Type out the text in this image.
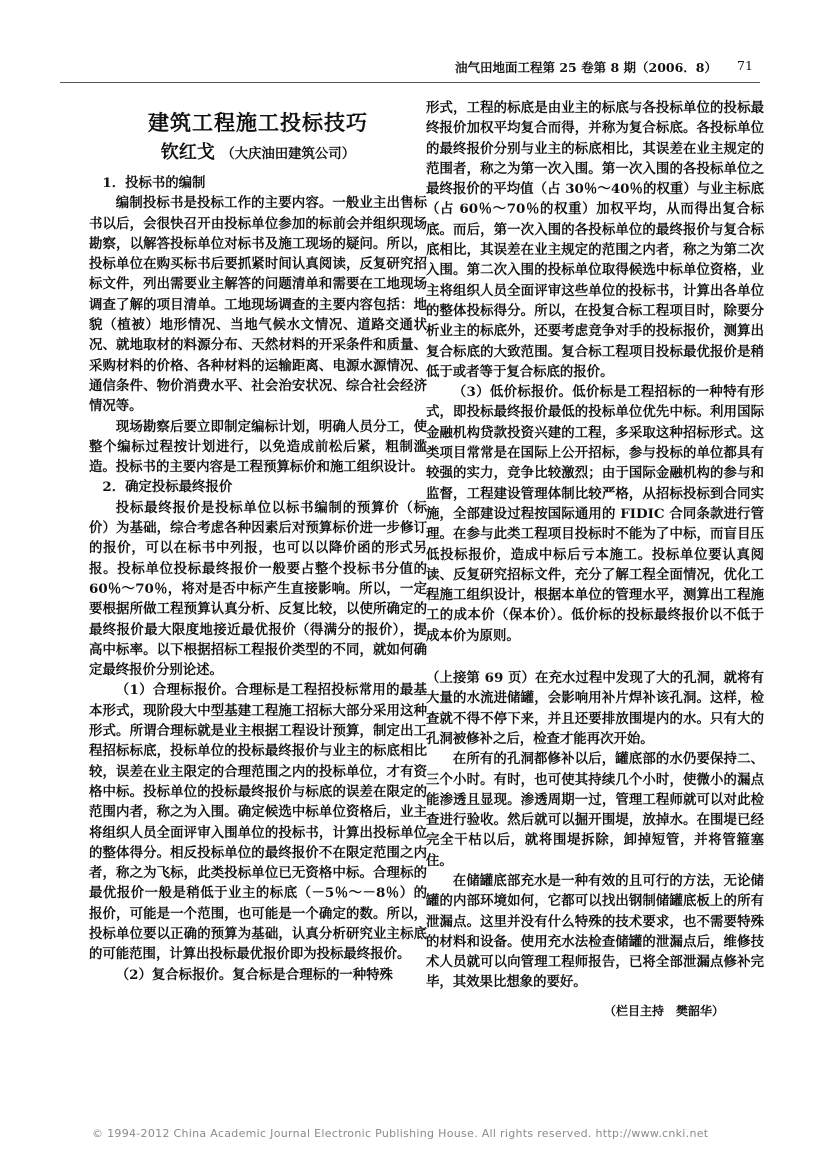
油气田地面工程第 25 卷第 8 期（2006．8） 71
建筑工程施工投标技巧
钦红戈 （大庆油田建筑公司）
1．投标书的编制

编制投标书是投标工作的主要内容。一般业主出售标书以后，会很快召开由投标单位参加的标前会并组织现场勘察，以解答投标单位对标书及施工现场的疑问。所以，投标单位在购买标书后要抓紧时间认真阅读，反复研究招标文件，列出需要业主解答的问题清单和需要在工地现场调查了解的项目清单。工地现场调查的主要内容包括：地貌（植被）地形情况、当地气候水文情况、道路交通状况、就地取材的料源分布、天然材料的开采条件和质量、采购材料的价格、各种材料的运输距离、电源水源情况、通信条件、物价消费水平、社会治安状况、综合社会经济情况等。

现场勘察后要立即制定编标计划，明确人员分工，使整个编标过程按计划进行，以免造成前松后紧，粗制滥造。投标书的主要内容是工程预算标价和施工组织设计。

2．确定投标最终报价

投标最终报价是投标单位以标书编制的预算价（标价）为基础，综合考虑各种因素后对预算标价进一步修订的报价，可以在标书中列报，也可以以降价函的形式另报。投标单位投标最终报价一般要占整个投标书分值的 60％～70％，将对是否中标产生直接影响。所以，一定要根据所做工程预算认真分析、反复比较，以使所确定的最终报价最大限度地接近最优报价（得满分的报价），提高中标率。以下根据招标工程报价类型的不同，就如何确定最终报价分别论述。

（1）合理标报价。合理标是工程招投标常用的最基本形式，现阶段大中型基建工程施工招标大部分采用这种形式。所谓合理标就是业主根据工程设计预算，制定出工程招标标底，投标单位的投标最终报价与业主的标底相比较，误差在业主限定的合理范围之内的投标单位，才有资格中标。投标单位的投标最终报价与标底的误差在限定的范围内者，称之为入围。确定候选中标单位资格后，业主将组织人员全面评审入围单位的投标书，计算出投标单位的整体得分。相反投标单位的最终报价不在限定范围之内者，称之为飞标，此类投标单位已无资格中标。合理标的最优报价一般是稍低于业主的标底（－5％～－8％）的报价，可能是一个范围，也可能是一个确定的数。所以，投标单位要以正确的预算为基础，认真分析研究业主标底的可能范围，计算出投标最优报价即为投标最终报价。

（2）复合标报价。复合标是合理标的一种特殊

形式，工程的标底是由业主的标底与各投标单位的投标最终报价加权平均复合而得，并称为复合标底。各投标单位的最终报价分别与业主的标底相比，其误差在业主规定的范围者，称之为第一次入围。第一次入围的各投标单位之最终报价的平均值（占 30％～40％的权重）与业主标底（占 60％～70％的权重）加权平均，从而得出复合标底。而后，第一次入围的各投标单位的最终报价与复合标底相比，其误差在业主规定的范围之内者，称之为第二次入围。第二次入围的投标单位取得候选中标单位资格，业主将组织人员全面评审这些单位的投标书，计算出各单位的整体投标得分。所以，在投复合标工程项目时，除要分析业主的标底外，还要考虑竞争对手的投标报价，测算出复合标底的大致范围。复合标工程项目投标最优报价是稍低于或者等于复合标底的报价。

（3）低价标报价。低价标是工程招标的一种特有形式，即投标最终报价最低的投标单位优先中标。利用国际金融机构贷款投资兴建的工程，多采取这种招标形式。这类项目常常是在国际上公开招标，参与投标的单位都具有较强的实力，竞争比较激烈；由于国际金融机构的参与和监督，工程建设管理体制比较严格，从招标投标到合同实施，全部建设过程按国际通用的 FIDIC 合同条款进行管理。在参与此类工程项目投标时不能为了中标，而盲目压低投标报价，造成中标后亏本施工。投标单位要认真阅读、反复研究招标文件，充分了解工程全面情况，优化工程施工组织设计，根据本单位的管理水平，测算出工程施工的成本价（保本价）。低价标的投标最终报价以不低于成本价为原则。

（上接第 69 页）在充水过程中发现了大的孔洞，就将有大量的水流进储罐，会影响用补片焊补该孔洞。这样，检查就不得不停下来，并且还要排放围堤内的水。只有大的孔洞被修补之后，检查才能再次开始。

在所有的孔洞都修补以后，罐底部的水仍要保持二、三个小时。有时，也可使其持续几个小时，使微小的漏点能渗透且显现。渗透周期一过，管理工程师就可以对此检查进行验收。然后就可以掘开围堤，放掉水。在围堤已经完全干枯以后，就将围堤拆除，卸掉短管，并将管箍塞住。

在储罐底部充水是一种有效的且可行的方法，无论储罐的内部环境如何，它都可以找出钢制储罐底板上的所有泄漏点。这里并没有什么特殊的技术要求，也不需要特殊的材料和设备。使用充水法检查储罐的泄漏点后，维修技术人员就可以向管理工程师报告，已将全部泄漏点修补完毕，其效果比想象的要好。

（栏目主持　樊韶华）
© 1994-2012 China Academic Journal Electronic Publishing House. All rights reserved. http://www.cnki.net
